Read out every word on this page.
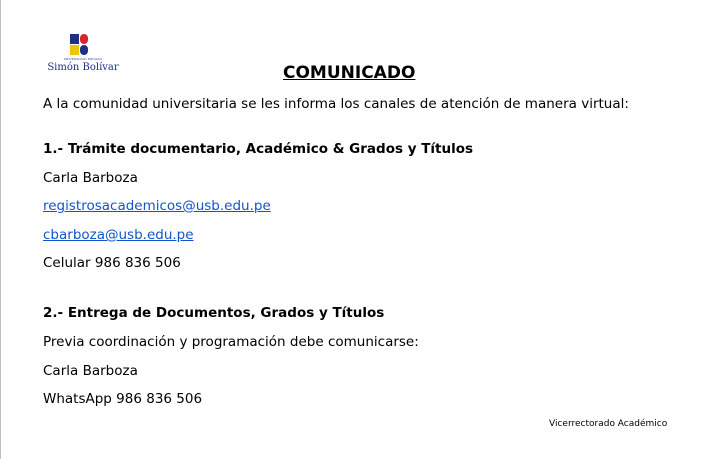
UNIVERSIDAD PRIVADA
Simón Bolívar	COMUNICADO
A la comunidad universitaria se les informa los canales de atención de manera virtual:
1.- Trámite documentario, Académico & Grados y Títulos
Carla Barboza
registrosacademicos@usb.edu.pe
cbarboza@usb.edu.pe
Celular 986 836 506
2.- Entrega de Documentos, Grados y Títulos
Previa coordinación y programación debe comunicarse:
Carla Barboza
WhatsApp 986 836 506
Vicerrectorado Académico
